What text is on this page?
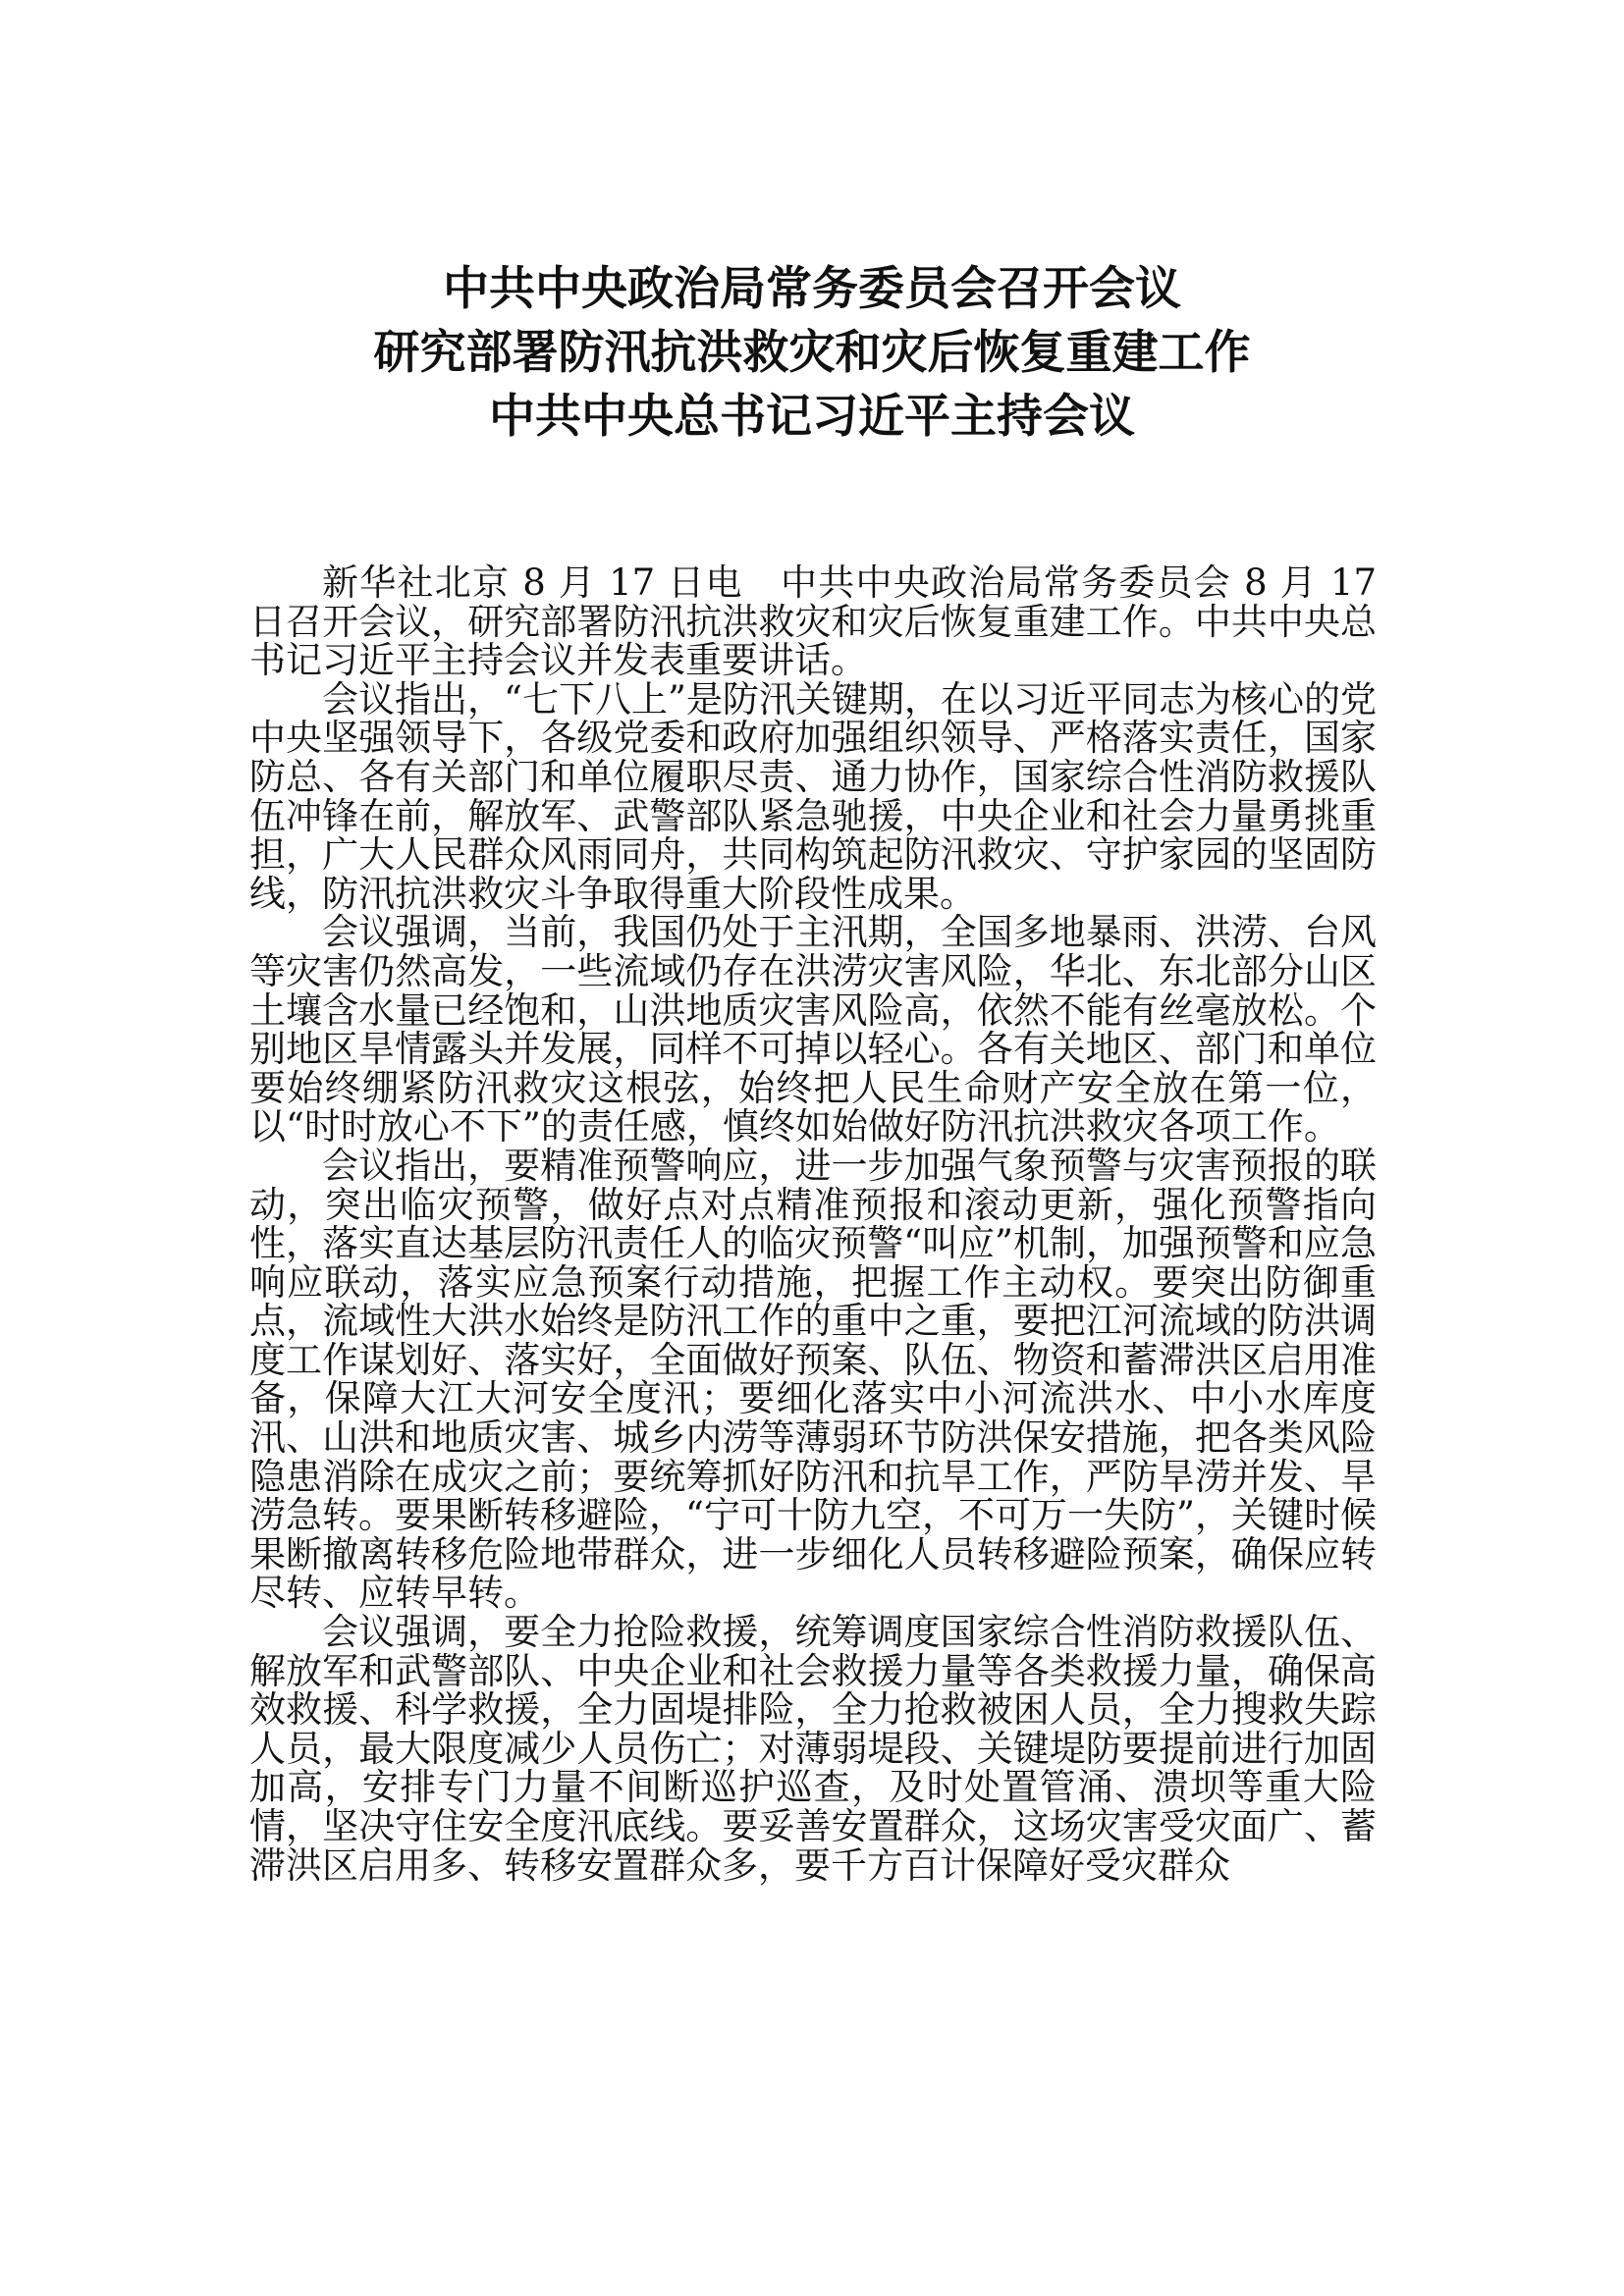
中共中央政治局常务委员会召开会议

研究部署防汛抗洪救灾和灾后恢复重建工作

中共中央总书记习近平主持会议

新华社北京 8 月 17 日电　中共中央政治局常务委员会 8 月 17 日召开会议，研究部署防汛抗洪救灾和灾后恢复重建工作。中共中央总书记习近平主持会议并发表重要讲话。

会议指出，“七下八上”是防汛关键期，在以习近平同志为核心的党中央坚强领导下，各级党委和政府加强组织领导、严格落实责任，国家防总、各有关部门和单位履职尽责、通力协作，国家综合性消防救援队伍冲锋在前，解放军、武警部队紧急驰援，中央企业和社会力量勇挑重担，广大人民群众风雨同舟，共同构筑起防汛救灾、守护家园的坚固防线，防汛抗洪救灾斗争取得重大阶段性成果。

会议强调，当前，我国仍处于主汛期，全国多地暴雨、洪涝、台风等灾害仍然高发，一些流域仍存在洪涝灾害风险，华北、东北部分山区土壤含水量已经饱和，山洪地质灾害风险高，依然不能有丝毫放松。个别地区旱情露头并发展，同样不可掉以轻心。各有关地区、部门和单位要始终绷紧防汛救灾这根弦，始终把人民生命财产安全放在第一位，以“时时放心不下”的责任感，慎终如始做好防汛抗洪救灾各项工作。

会议指出，要精准预警响应，进一步加强气象预警与灾害预报的联动，突出临灾预警，做好点对点精准预报和滚动更新，强化预警指向性，落实直达基层防汛责任人的临灾预警“叫应”机制，加强预警和应急响应联动，落实应急预案行动措施，把握工作主动权。要突出防御重点，流域性大洪水始终是防汛工作的重中之重，要把江河流域的防洪调度工作谋划好、落实好，全面做好预案、队伍、物资和蓄滞洪区启用准备，保障大江大河安全度汛；要细化落实中小河流洪水、中小水库度汛、山洪和地质灾害、城乡内涝等薄弱环节防洪保安措施，把各类风险隐患消除在成灾之前；要统筹抓好防汛和抗旱工作，严防旱涝并发、旱涝急转。要果断转移避险，“宁可十防九空，不可万一失防”，关键时候果断撤离转移危险地带群众，进一步细化人员转移避险预案，确保应转尽转、应转早转。

会议强调，要全力抢险救援，统筹调度国家综合性消防救援队伍、解放军和武警部队、中央企业和社会救援力量等各类救援力量，确保高效救援、科学救援，全力固堤排险，全力抢救被困人员，全力搜救失踪人员，最大限度减少人员伤亡；对薄弱堤段、关键堤防要提前进行加固加高，安排专门力量不间断巡护巡查，及时处置管涌、溃坝等重大险情，坚决守住安全度汛底线。要妥善安置群众，这场灾害受灾面广、蓄滞洪区启用多、转移安置群众多，要千方百计保障好受灾群众
